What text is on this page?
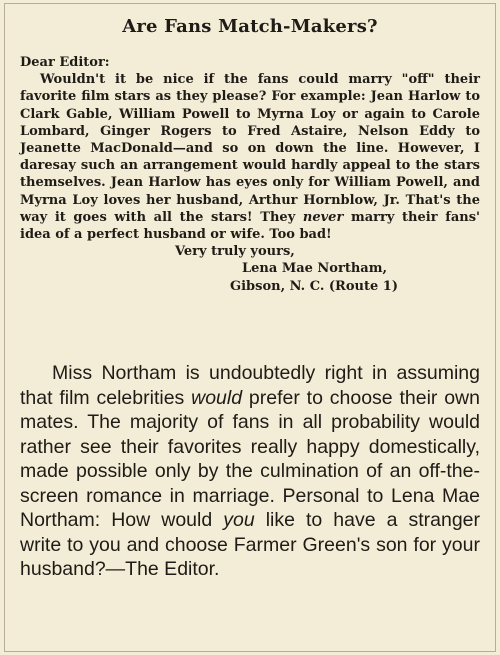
Are Fans Match-Makers?
Dear Editor:

Wouldn't it be nice if the fans could marry "off" their favorite film stars as they please? For example: Jean Harlow to Clark Gable, William Powell to Myrna Loy or again to Carole Lombard, Ginger Rogers to Fred Astaire, Nelson Eddy to Jeanette MacDonald—and so on down the line. However, I daresay such an arrangement would hardly appeal to the stars themselves. Jean Harlow has eyes only for William Powell, and Myrna Loy loves her husband, Arthur Hornblow, Jr. That's the way it goes with all the stars! They never marry their fans' idea of a perfect husband or wife. Too bad!

Very truly yours,

Lena Mae Northam,

Gibson, N. C. (Route 1)

Miss Northam is undoubtedly right in assuming that film celebrities would prefer to choose their own mates. The majority of fans in all probability would rather see their favorites really happy domestically, made possible only by the culmination of an off-the-screen romance in marriage. Personal to Lena Mae Northam: How would you like to have a stranger write to you and choose Farmer Green's son for your husband?—The Editor.
